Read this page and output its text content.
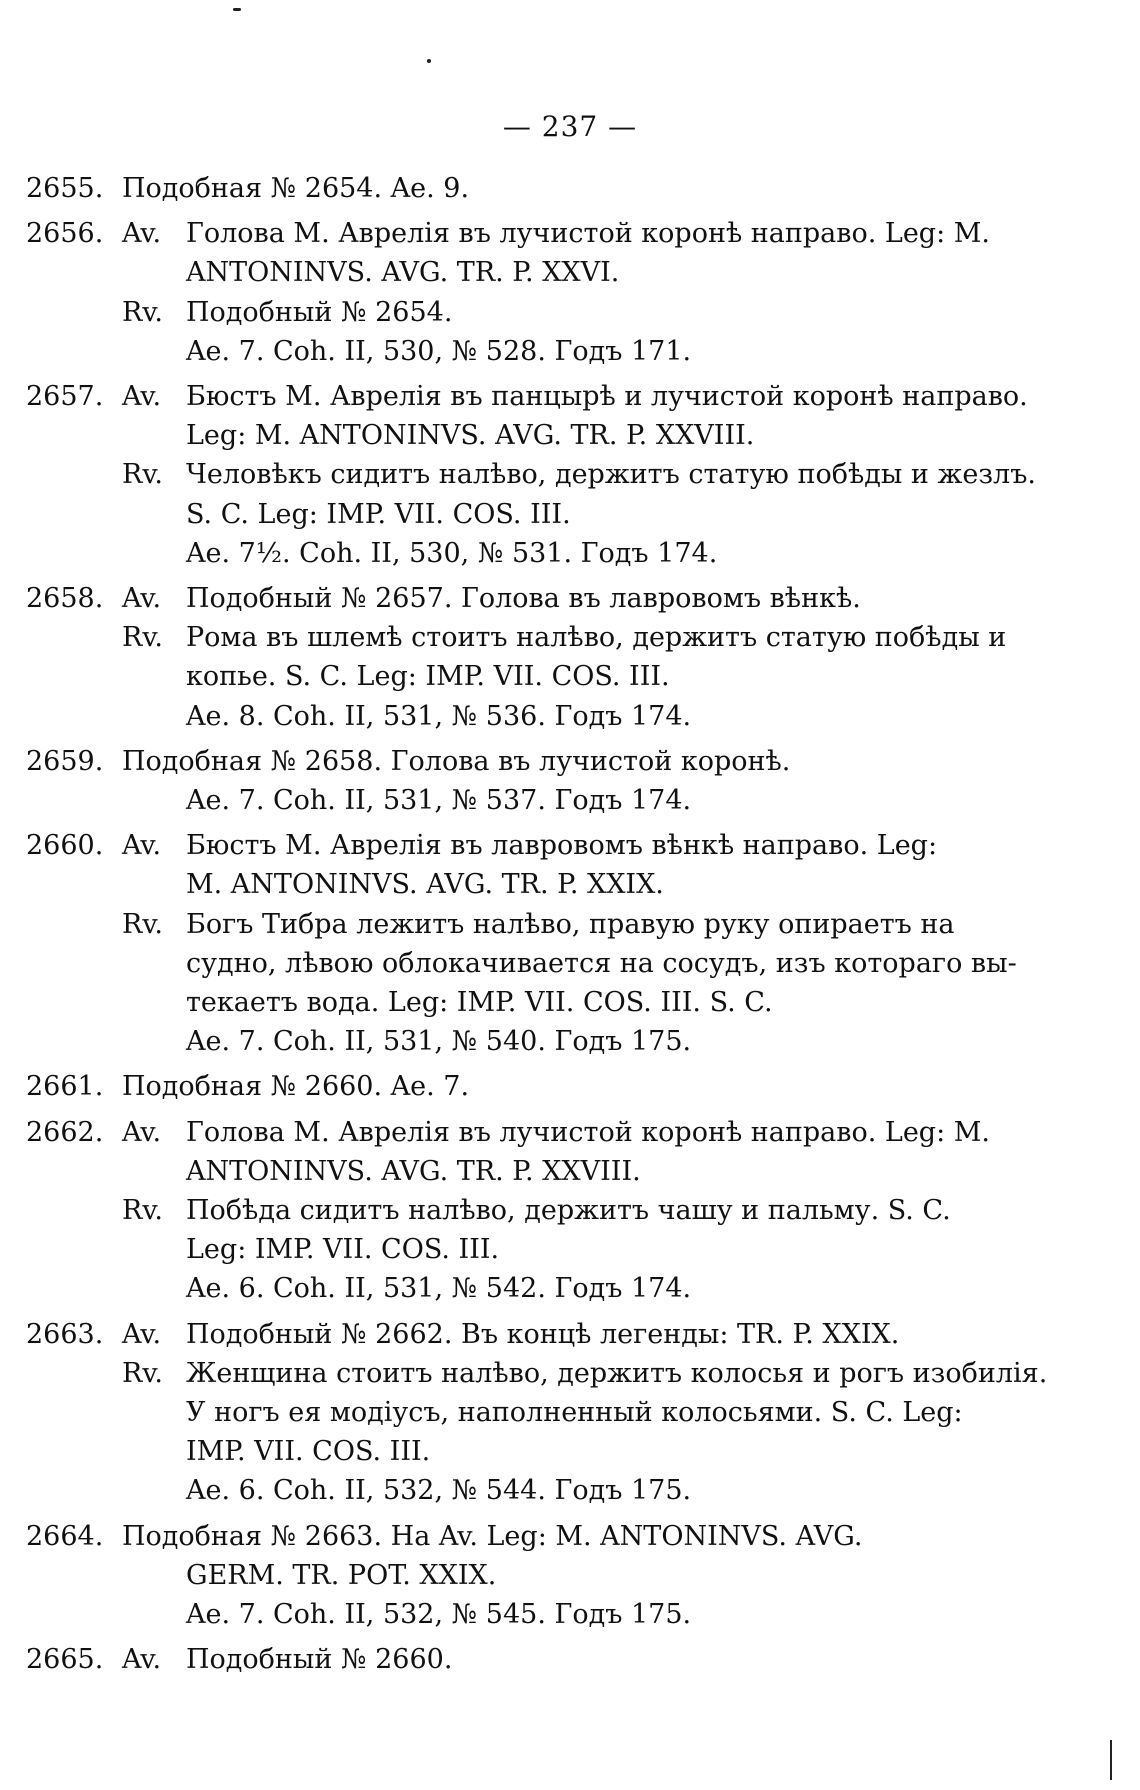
— 237 —
2655. Подобная № 2654. Ae. 9.
2656. Av. Голова М. Аврелія въ лучистой коронѣ направо. Leg: M.
ANTONINVS. AVG. TR. P. XXVI.
Rv. Подобный № 2654.
Ae. 7. Coh. II, 530, № 528. Годъ 171.
2657. Av. Бюстъ М. Аврелія въ панцырѣ и лучистой коронѣ направо.
Leg: M. ANTONINVS. AVG. TR. P. XXVIII.
Rv. Человѣкъ сидитъ налѣво, держитъ статую побѣды и жезлъ.
S. C. Leg: IMP. VII. COS. III.
Ae. 7½. Coh. II, 530, № 531. Годъ 174.
2658. Av. Подобный № 2657. Голова въ лавровомъ вѣнкѣ.
Rv. Рома въ шлемѣ стоитъ налѣво, держитъ статую побѣды и
копье. S. C. Leg: IMP. VII. COS. III.
Ae. 8. Coh. II, 531, № 536. Годъ 174.
2659. Подобная № 2658. Голова въ лучистой коронѣ.
Ae. 7. Coh. II, 531, № 537. Годъ 174.
2660. Av. Бюстъ М. Аврелія въ лавровомъ вѣнкѣ направо. Leg:
M. ANTONINVS. AVG. TR. P. XXIX.
Rv. Богъ Тибра лежитъ налѣво, правую руку опираетъ на
судно, лѣвою облокачивается на сосудъ, изъ котораго вы-
текаетъ вода. Leg: IMP. VII. COS. III. S. C.
Ae. 7. Coh. II, 531, № 540. Годъ 175.
2661. Подобная № 2660. Ae. 7.
2662. Av. Голова М. Аврелія въ лучистой коронѣ направо. Leg: M.
ANTONINVS. AVG. TR. P. XXVIII.
Rv. Побѣда сидитъ налѣво, держитъ чашу и пальму. S. C.
Leg: IMP. VII. COS. III.
Ae. 6. Coh. II, 531, № 542. Годъ 174.
2663. Av. Подобный № 2662. Въ концѣ легенды: TR. P. XXIX.
Rv. Женщина стоитъ налѣво, держитъ колосья и рогъ изобилія.
У ногъ ея модіусъ, наполненный колосьями. S. C. Leg:
IMP. VII. COS. III.
Ae. 6. Coh. II, 532, № 544. Годъ 175.
2664. Подобная № 2663. На Av. Leg: M. ANTONINVS. AVG.
GERM. TR. POT. XXIX.
Ae. 7. Coh. II, 532, № 545. Годъ 175.
2665. Av. Подобный № 2660.
